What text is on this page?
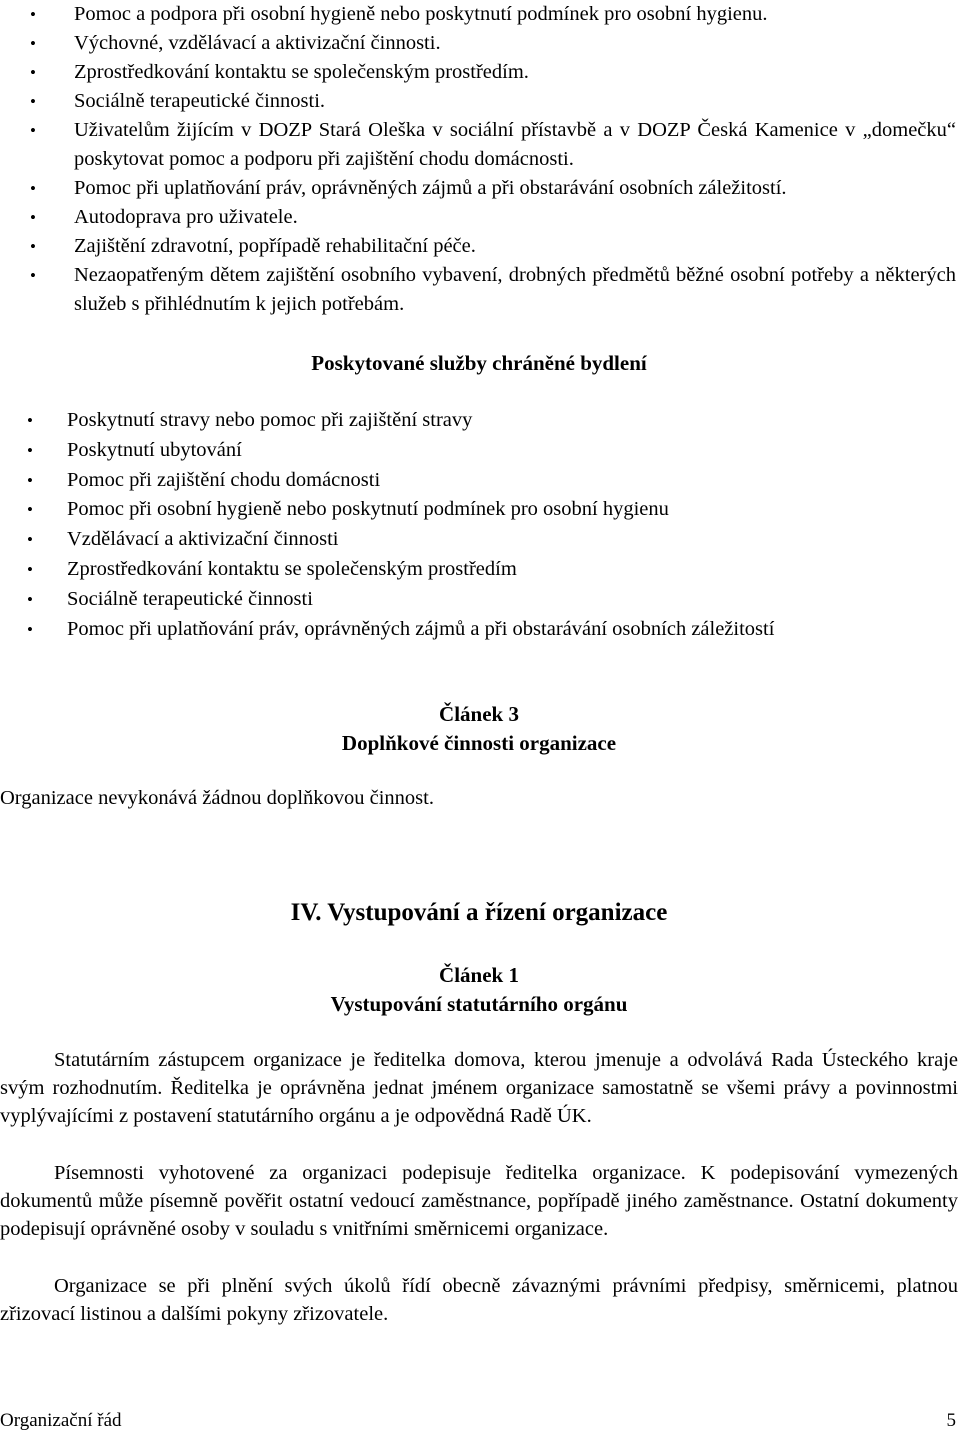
• Pomoc a podpora při osobní hygieně nebo poskytnutí podmínek pro osobní hygienu.
• Výchovné, vzdělávací a aktivizační činnosti.
• Zprostředkování kontaktu se společenským prostředím.
• Sociálně terapeutické činnosti.
• Uživatelům žijícím v DOZP Stará Oleška v sociální přístavbě a v DOZP Česká Kamenice v „domečku“ poskytovat pomoc a podporu při zajištění chodu domácnosti.
• Pomoc při uplatňování práv, oprávněných zájmů a při obstarávání osobních záležitostí.
• Autodoprava pro uživatele.
• Zajištění zdravotní, popřípadě rehabilitační péče.
• Nezaopatřeným dětem zajištění osobního vybavení, drobných předmětů běžné osobní potřeby a některých služeb s přihlédnutím k jejich potřebám.

Poskytované služby chráněné bydlení

• Poskytnutí stravy nebo pomoc při zajištění stravy
• Poskytnutí ubytování
• Pomoc při zajištění chodu domácnosti
• Pomoc při osobní hygieně nebo poskytnutí podmínek pro osobní hygienu
• Vzdělávací a aktivizační činnosti
• Zprostředkování kontaktu se společenským prostředím
• Sociálně terapeutické činnosti
• Pomoc při uplatňování práv, oprávněných zájmů a při obstarávání osobních záležitostí

Článek 3

Doplňkové činnosti organizace

Organizace nevykonává žádnou doplňkovou činnost.

IV. Vystupování a řízení organizace

Článek 1

Vystupování statutárního orgánu

Statutárním zástupcem organizace je ředitelka domova, kterou jmenuje a odvolává Rada Ústeckého kraje svým rozhodnutím. Ředitelka je oprávněna jednat jménem organizace samostatně se všemi právy a povinnostmi vyplývajícími z postavení statutárního orgánu a je odpovědná Radě ÚK.

Písemnosti vyhotovené za organizaci podepisuje ředitelka organizace. K podepisování vymezených dokumentů může písemně pověřit ostatní vedoucí zaměstnance, popřípadě jiného zaměstnance. Ostatní dokumenty podepisují oprávněné osoby v souladu s vnitřními směrnicemi organizace.

Organizace se při plnění svých úkolů řídí obecně závaznými právními předpisy, směrnicemi, platnou zřizovací listinou a dalšími pokyny zřizovatele.

Organizační řád	5
